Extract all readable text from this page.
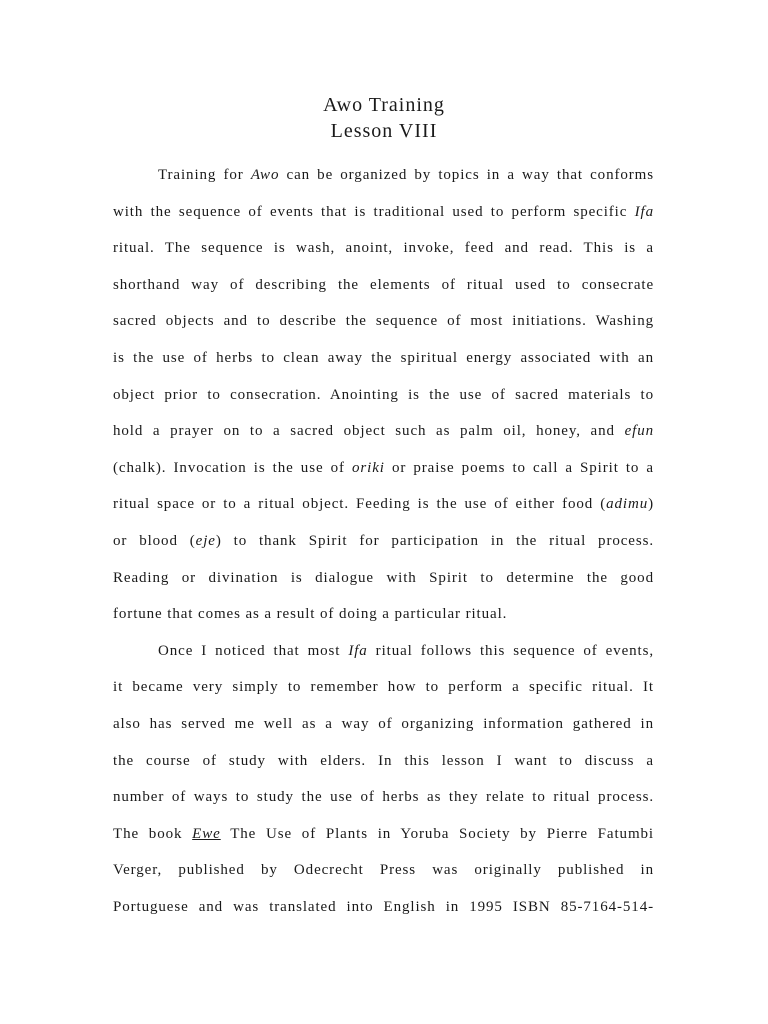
Awo Training
Lesson VIII
Training for Awo can be organized by topics in a way that conforms
with the sequence of events that is traditional used to perform specific Ifa
ritual. The sequence is wash, anoint, invoke, feed and read. This is a
shorthand way of describing the elements of ritual used to consecrate
sacred objects and to describe the sequence of most initiations. Washing
is the use of herbs to clean away the spiritual energy associated with an
object prior to consecration. Anointing is the use of sacred materials to
hold a prayer on to a sacred object such as palm oil, honey, and efun
(chalk). Invocation is the use of oriki or praise poems to call a Spirit to a
ritual space or to a ritual object. Feeding is the use of either food (adimu)
or blood (eje) to thank Spirit for participation in the ritual process.
Reading or divination is dialogue with Spirit to determine the good
fortune that comes as a result of doing a particular ritual.
Once I noticed that most Ifa ritual follows this sequence of events,
it became very simply to remember how to perform a specific ritual. It
also has served me well as a way of organizing information gathered in
the course of study with elders. In this lesson I want to discuss a
number of ways to study the use of herbs as they relate to ritual process.
The book Ewe The Use of Plants in Yoruba Society by Pierre Fatumbi
Verger, published by Odecrecht Press was originally published in
Portuguese and was translated into English in 1995 ISBN 85-7164-514-
